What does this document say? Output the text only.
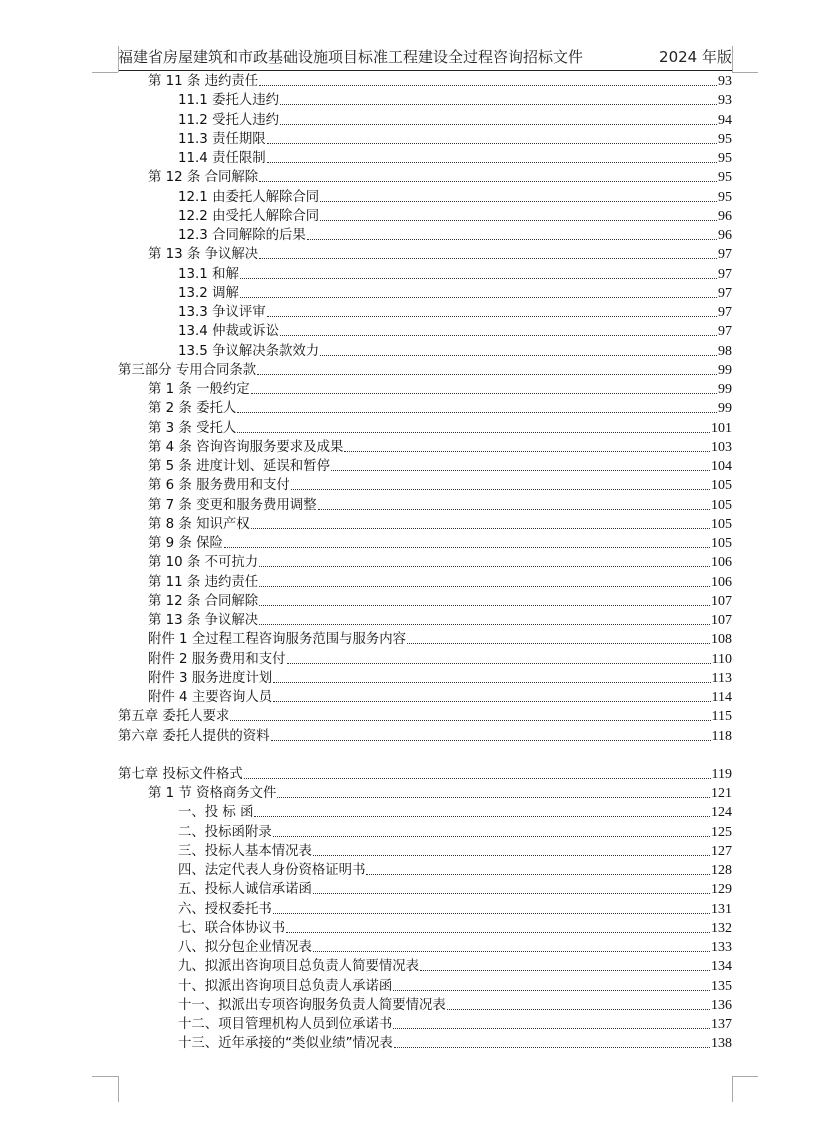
福建省房屋建筑和市政基础设施项目标准工程建设全过程咨询招标文件	2024 年版
第 11 条 违约责任	93
11.1 委托人违约	93
11.2 受托人违约	94
11.3 责任期限	95
11.4 责任限制	95
第 12 条 合同解除	95
12.1 由委托人解除合同	95
12.2 由受托人解除合同	96
12.3 合同解除的后果	96
第 13 条 争议解决	97
13.1 和解	97
13.2 调解	97
13.3 争议评审	97
13.4 仲裁或诉讼	97
13.5 争议解决条款效力	98
第三部分 专用合同条款	99
第 1 条 一般约定	99
第 2 条 委托人	99
第 3 条 受托人	101
第 4 条 咨询咨询服务要求及成果	103
第 5 条 进度计划、延误和暂停	104
第 6 条 服务费用和支付	105
第 7 条 变更和服务费用调整	105
第 8 条 知识产权	105
第 9 条 保险	105
第 10 条 不可抗力	106
第 11 条 违约责任	106
第 12 条 合同解除	107
第 13 条 争议解决	107
附件 1 全过程工程咨询服务范围与服务内容	108
附件 2 服务费用和支付	110
附件 3 服务进度计划	113
附件 4 主要咨询人员	114
第五章 委托人要求	115
第六章 委托人提供的资料	118
第七章 投标文件格式	119
第 1 节 资格商务文件	121
一、投 标 函	124
二、投标函附录	125
三、投标人基本情况表	127
四、法定代表人身份资格证明书	128
五、投标人诚信承诺函	129
六、授权委托书	131
七、联合体协议书	132
八、拟分包企业情况表	133
九、拟派出咨询项目总负责人简要情况表	134
十、拟派出咨询项目总负责人承诺函	135
十一、拟派出专项咨询服务负责人简要情况表	136
十二、项目管理机构人员到位承诺书	137
十三、近年承接的“类似业绩”情况表	138
